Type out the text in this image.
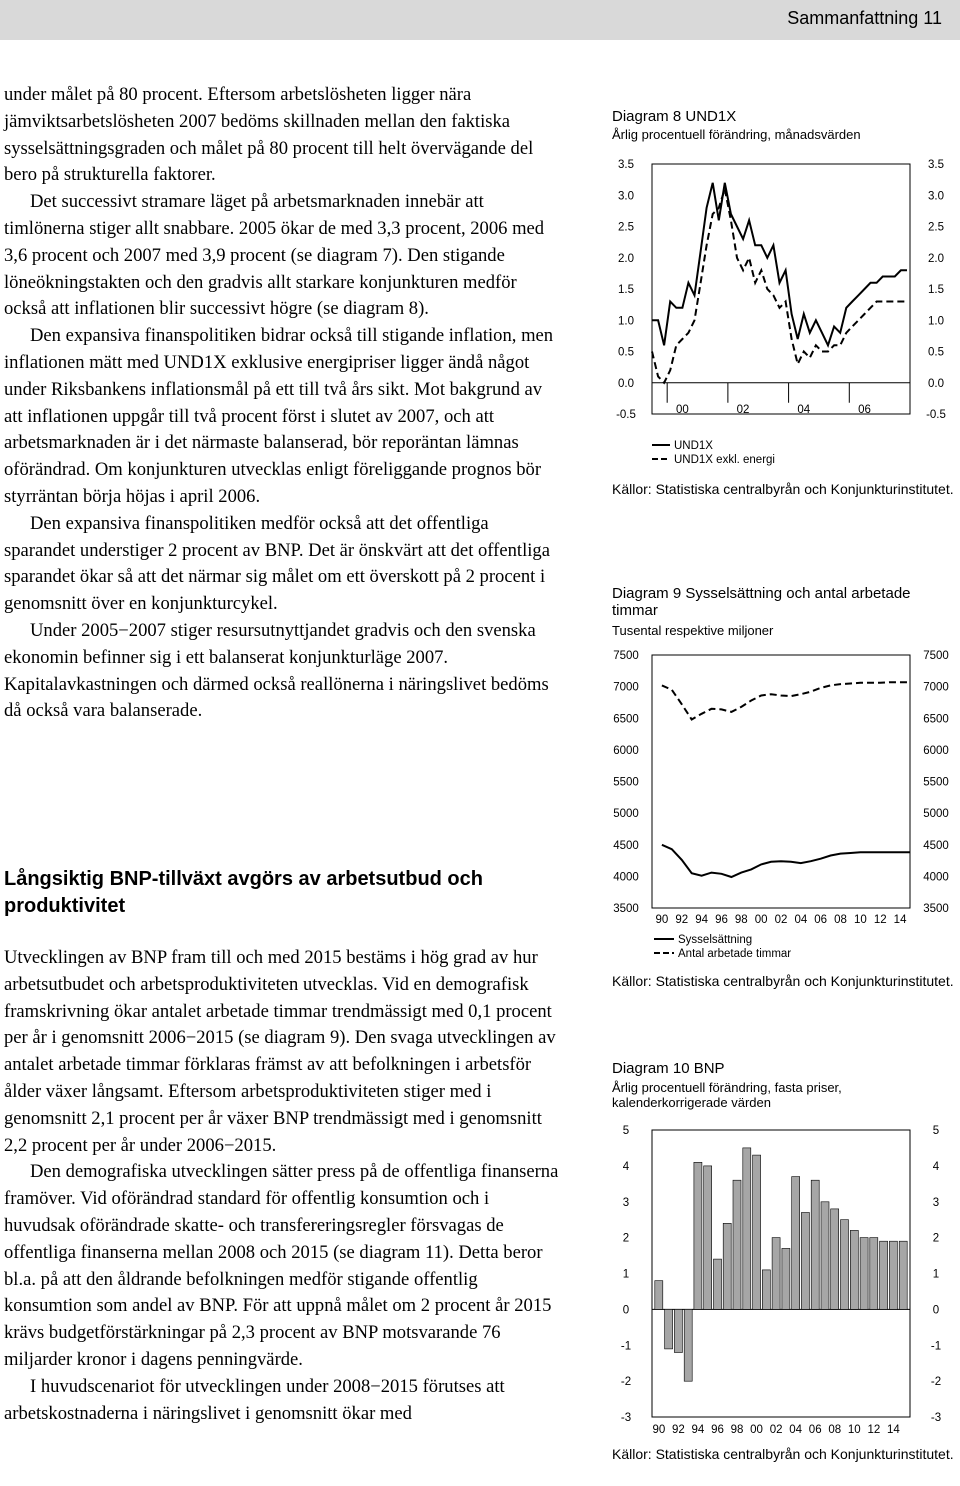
Sammanfattning 11

under målet på 80 procent. Eftersom arbetslösheten ligger nära jämviktsarbetslösheten 2007 bedöms skillnaden mellan den faktiska sysselsättningsgraden och målet på 80 procent till helt övervägande del bero på strukturella faktorer.

Det successivt stramare läget på arbetsmarknaden innebär att timlönerna stiger allt snabbare. 2005 ökar de med 3,3 procent, 2006 med 3,6 procent och 2007 med 3,9 procent (se diagram 7). Den stigande löneökningstakten och den gradvis allt starkare konjunkturen medför också att inflationen blir successivt högre (se diagram 8).

Den expansiva finanspolitiken bidrar också till stigande inflation, men inflationen mätt med UND1X exklusive energipriser ligger ändå något under Riksbankens inflationsmål på ett till två års sikt. Mot bakgrund av att inflationen uppgår till två procent först i slutet av 2007, och att arbetsmarknaden är i det närmaste balanserad, bör reporäntan lämnas oförändrad. Om konjunkturen utvecklas enligt föreliggande prognos bör styrräntan börja höjas i april 2006.

Den expansiva finanspolitiken medför också att det offentliga sparandet understiger 2 procent av BNP. Det är önskvärt att det offentliga sparandet ökar så att det närmar sig målet om ett överskott på 2 procent i genomsnitt över en konjunkturcykel.

Under 2005−2007 stiger resursutnyttjandet gradvis och den svenska ekonomin befinner sig i ett balanserat konjunkturläge 2007. Kapitalavkastningen och därmed också reallönerna i näringslivet bedöms då också vara balanserade.

Långsiktig BNP-tillväxt avgörs av arbetsutbud och produktivitet

Utvecklingen av BNP fram till och med 2015 bestäms i hög grad av hur arbetsutbudet och arbetsproduktiviteten utvecklas. Vid en demografisk framskrivning ökar antalet arbetade timmar trendmässigt med 0,1 procent per år i genomsnitt 2006−2015 (se diagram 9). Den svaga utvecklingen av antalet arbetade timmar förklaras främst av att befolkningen i arbetsför ålder växer långsamt. Eftersom arbetsproduktiviteten stiger med i genomsnitt 2,1 procent per år växer BNP trendmässigt med i genomsnitt 2,2 procent per år under 2006−2015.

Den demografiska utvecklingen sätter press på de offentliga finanserna framöver. Vid oförändrad standard för offentlig konsumtion och i huvudsak oförändrade skatte- och transfereringsregler försvagas de offentliga finanserna mellan 2008 och 2015 (se diagram 11). Detta beror bl.a. på att den åldrande befolkningen medför stigande offentlig konsumtion som andel av BNP. För att uppnå målet om 2 procent år 2015 krävs budgetförstärkningar på 2,3 procent av BNP motsvarande 76 miljarder kronor i dagens penningvärde.

I huvudscenariot för utvecklingen under 2008−2015 förutses att arbetskostnaderna i näringslivet i genomsnitt ökar med

Diagram 8 UND1X
Årlig procentuell förändring, månadsvärden
3.5	3.5
3.0	3.0
2.5	2.5
2.0	2.0
1.5	1.5
1.0	1.0
0.5	0.5
0.0	0.0
-0.5	-0.5
00	02	04	06
UND1X
UND1X exkl. energi
Källor: Statistiska centralbyrån och Konjunkturinstitutet.
Diagram 9 Sysselsättning och antal arbetade timmar
Tusental respektive miljoner
7500	7500
7000	7000
6500	6500
6000	6000
5500	5500
5000	5000
4500	4500
4000	4000
3500	3500
90 92 94 96 98 00 02 04 06 08 10 12 14
Sysselsättning
Antal arbetade timmar
Källor: Statistiska centralbyrån och Konjunkturinstitutet.
Diagram 10 BNP
Årlig procentuell förändring, fasta priser, kalenderkorrigerade värden
5	5
4	4
3	3
2	2
1	1
0	0
-1	-1
-2	-2
-3	-3
90 92 94 96 98 00 02 04 06 08 10 12 14
Källor: Statistiska centralbyrån och Konjunkturinstitutet.
